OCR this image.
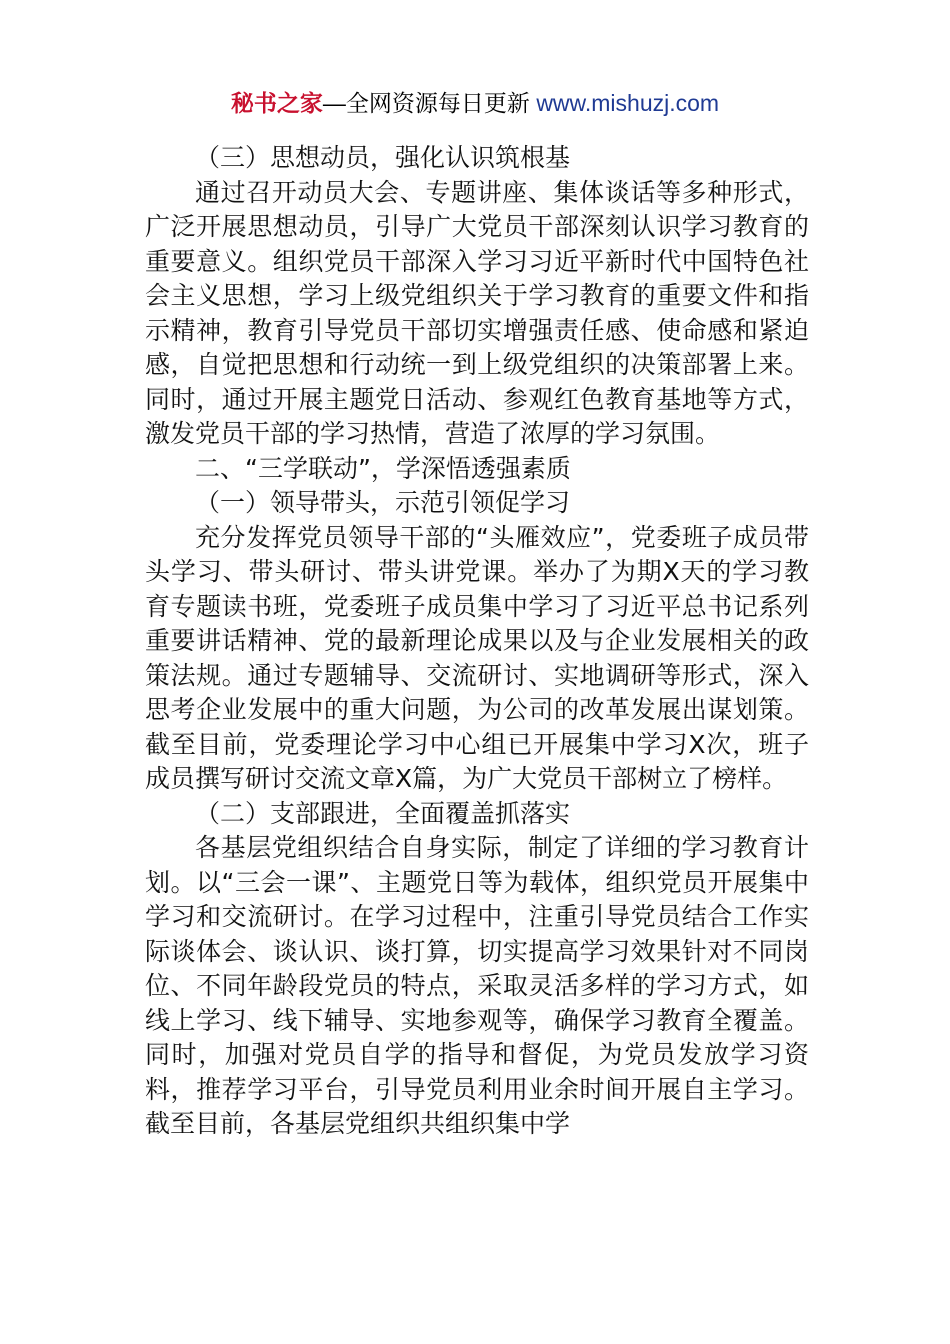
秘书之家—全网资源每日更新 www.mishuzj.com

（三）思想动员，强化认识筑根基

通过召开动员大会、专题讲座、集体谈话等多种形式，广泛开展思想动员，引导广大党员干部深刻认识学习教育的重要意义。组织党员干部深入学习习近平新时代中国特色社会主义思想，学习上级党组织关于学习教育的重要文件和指示精神，教育引导党员干部切实增强责任感、使命感和紧迫感，自觉把思想和行动统一到上级党组织的决策部署上来。同时，通过开展主题党日活动、参观红色教育基地等方式，激发党员干部的学习热情，营造了浓厚的学习氛围。

二、“三学联动”，学深悟透强素质

（一）领导带头，示范引领促学习

充分发挥党员领导干部的“头雁效应”，党委班子成员带头学习、带头研讨、带头讲党课。举办了为期X天的学习教育专题读书班，党委班子成员集中学习了习近平总书记系列重要讲话精神、党的最新理论成果以及与企业发展相关的政策法规。通过专题辅导、交流研讨、实地调研等形式，深入思考企业发展中的重大问题，为公司的改革发展出谋划策。截至目前，党委理论学习中心组已开展集中学习X次，班子成员撰写研讨交流文章X篇，为广大党员干部树立了榜样。

（二）支部跟进，全面覆盖抓落实

各基层党组织结合自身实际，制定了详细的学习教育计划。以“三会一课”、主题党日等为载体，组织党员开展集中学习和交流研讨。在学习过程中，注重引导党员结合工作实际谈体会、谈认识、谈打算，切实提高学习效果针对不同岗位、不同年龄段党员的特点，采取灵活多样的学习方式，如线上学习、线下辅导、实地参观等，确保学习教育全覆盖。同时，加强对党员自学的指导和督促，为党员发放学习资料，推荐学习平台，引导党员利用业余时间开展自主学习。截至目前，各基层党组织共组织集中学
